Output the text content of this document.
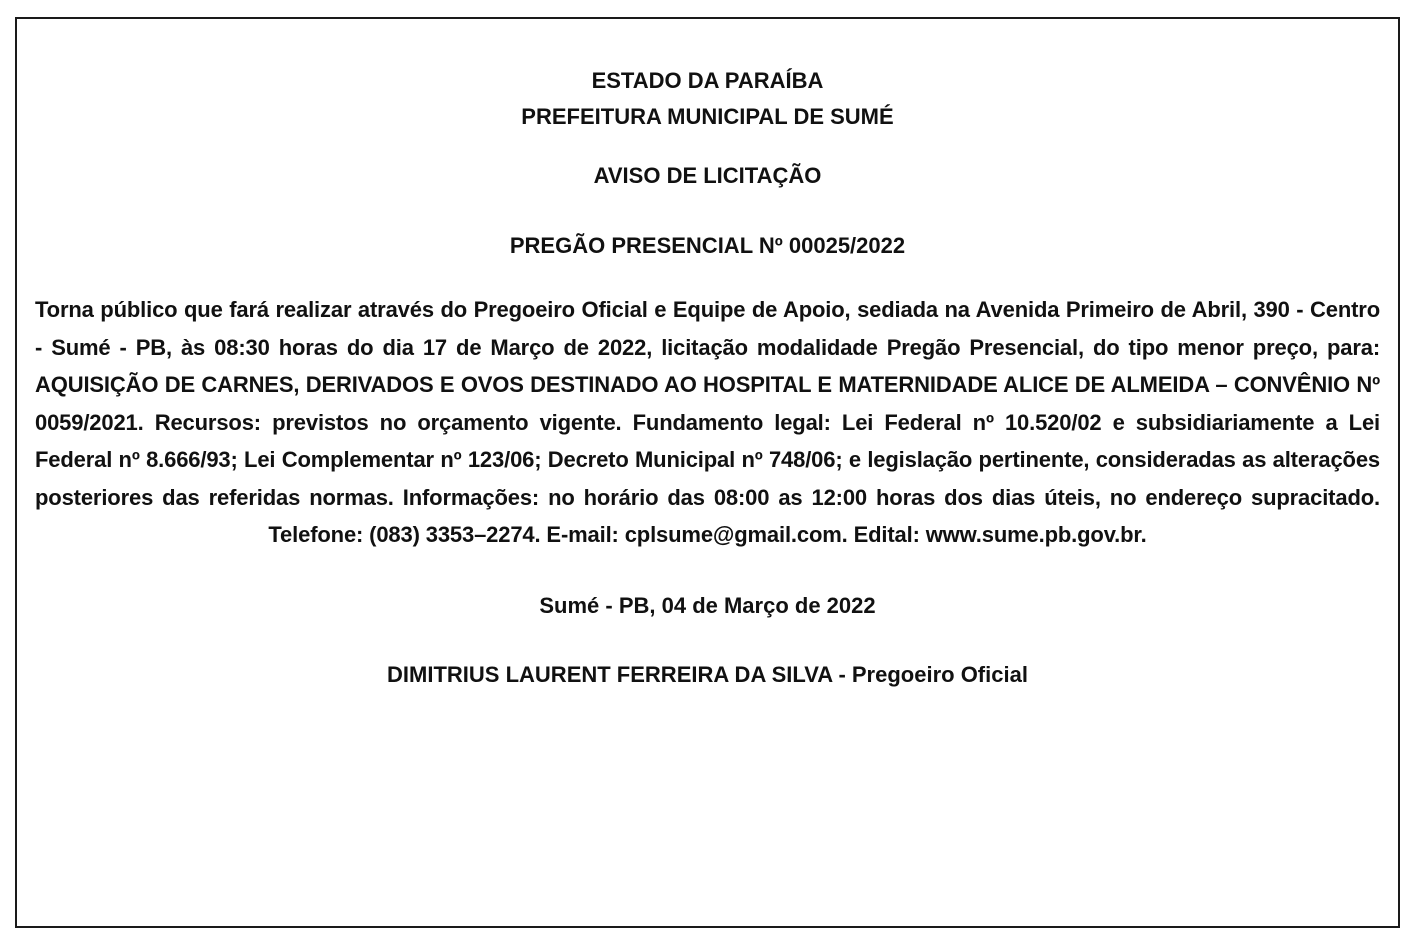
ESTADO DA PARAÍBA
PREFEITURA MUNICIPAL DE SUMÉ
AVISO DE LICITAÇÃO
PREGÃO PRESENCIAL Nº 00025/2022
Torna público que fará realizar através do Pregoeiro Oficial e Equipe de Apoio, sediada na Avenida Primeiro de Abril, 390 - Centro - Sumé - PB, às 08:30 horas do dia 17 de Março de 2022, licitação modalidade Pregão Presencial, do tipo menor preço, para: AQUISIÇÃO DE CARNES, DERIVADOS E OVOS DESTINADO AO HOSPITAL E MATERNIDADE ALICE DE ALMEIDA – CONVÊNIO Nº 0059/2021. Recursos: previstos no orçamento vigente. Fundamento legal: Lei Federal nº 10.520/02 e subsidiariamente a Lei Federal nº 8.666/93; Lei Complementar nº 123/06; Decreto Municipal nº 748/06; e legislação pertinente, consideradas as alterações posteriores das referidas normas. Informações: no horário das 08:00 as 12:00 horas dos dias úteis, no endereço supracitado. Telefone: (083) 3353–2274. E-mail: cplsume@gmail.com. Edital: www.sume.pb.gov.br.
Sumé - PB, 04 de Março de 2022
DIMITRIUS LAURENT FERREIRA DA SILVA - Pregoeiro Oficial
